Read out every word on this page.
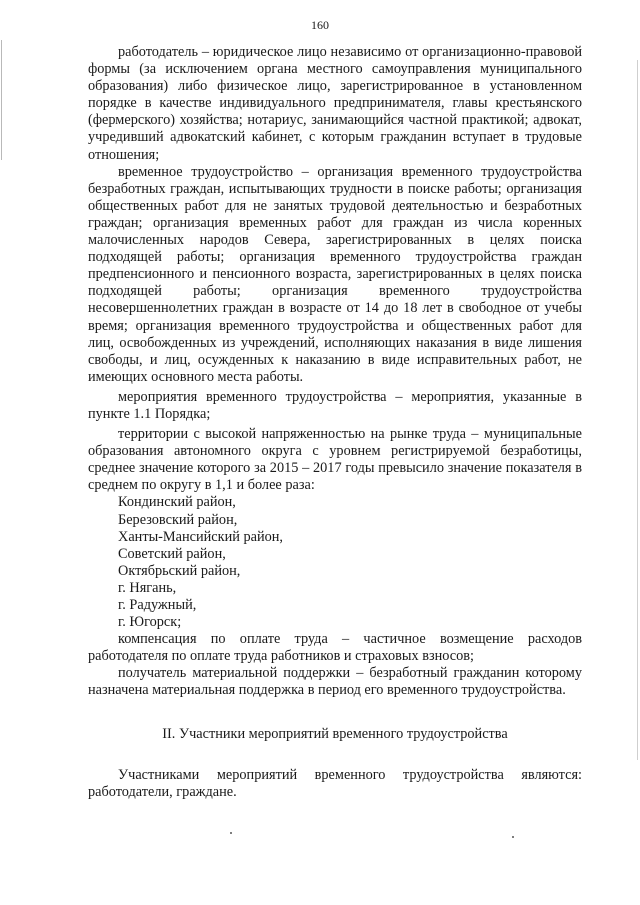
160

работодатель – юридическое лицо независимо от организационно-правовой формы (за исключением органа местного самоуправления муниципального образования) либо физическое лицо, зарегистрированное в установленном порядке в качестве индивидуального предпринимателя, главы крестьянского (фермерского) хозяйства; нотариус, занимающийся частной практикой; адвокат, учредивший адвокатский кабинет, с которым гражданин вступает в трудовые отношения;

временное трудоустройство – организация временного трудоустройства безработных граждан, испытывающих трудности в поиске работы; организация общественных работ для не занятых трудовой деятельностью и безработных граждан; организация временных работ для граждан из числа коренных малочисленных народов Севера, зарегистрированных в целях поиска подходящей работы; организация временного трудоустройства граждан предпенсионного и пенсионного возраста, зарегистрированных в целях поиска подходящей работы; организация временного трудоустройства несовершеннолетних граждан в возрасте от 14 до 18 лет в свободное от учебы время; организация временного трудоустройства и общественных работ для лиц, освобожденных из учреждений, исполняющих наказания в виде лишения свободы, и лиц, осужденных к наказанию в виде исправительных работ, не имеющих основного места работы.

мероприятия временного трудоустройства – мероприятия, указанные в пункте 1.1 Порядка;

территории с высокой напряженностью на рынке труда – муниципальные образования автономного округа с уровнем регистрируемой безработицы, среднее значение которого за 2015 – 2017 годы превысило значение показателя в среднем по округу в 1,1 и более раза:

Кондинский район,

Березовский район,

Ханты-Мансийский район,

Советский район,

Октябрьский район,

г. Нягань,

г. Радужный,

г. Югорск;

компенсация по оплате труда – частичное возмещение расходов работодателя по оплате труда работников и страховых взносов;

получатель материальной поддержки – безработный гражданин которому назначена материальная поддержка в период его временного трудоустройства.

II. Участники мероприятий временного трудоустройства

Участниками мероприятий временного трудоустройства являются: работодатели, граждане.
